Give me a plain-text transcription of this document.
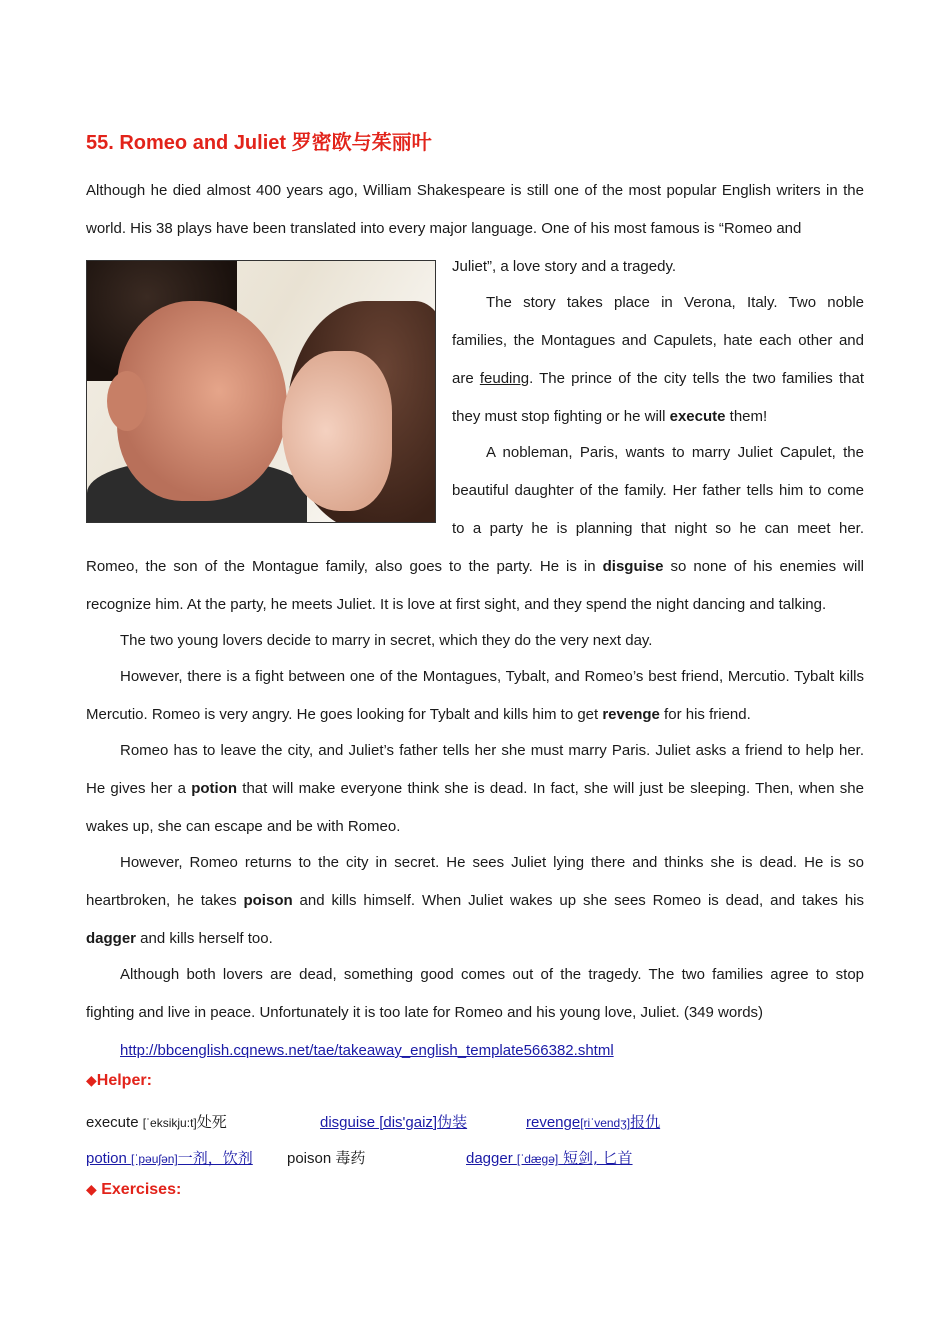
55. Romeo and Juliet 罗密欧与茱丽叶

Although he died almost 400 years ago, William Shakespeare is still one of the most popular English writers in the world. His 38 plays have been translated into every major language. One of his most famous is “Romeo and

Juliet”, a love story and a tragedy.

The story takes place in Verona, Italy. Two noble families, the Montagues and Capulets, hate each other and are feuding. The prince of the city tells the two families that they must stop fighting or he will execute them!

A nobleman, Paris, wants to marry Juliet Capulet, the beautiful daughter of the family. Her father tells him to come to a party he is planning that night so he can meet her. Romeo, the son of the Montague family, also goes to the party. He is in disguise so none of his enemies will recognize him. At the party, he meets Juliet. It is love at first sight, and they spend the night dancing and talking.

The two young lovers decide to marry in secret, which they do the very next day.

However, there is a fight between one of the Montagues, Tybalt, and Romeo’s best friend, Mercutio. Tybalt kills Mercutio. Romeo is very angry. He goes looking for Tybalt and kills him to get revenge for his friend.

Romeo has to leave the city, and Juliet’s father tells her she must marry Paris. Juliet asks a friend to help her. He gives her a potion that will make everyone think she is dead. In fact, she will just be sleeping. Then, when she wakes up, she can escape and be with Romeo.

However, Romeo returns to the city in secret. He sees Juliet lying there and thinks she is dead. He is so heartbroken, he takes poison and kills himself. When Juliet wakes up she sees Romeo is dead, and takes his dagger and kills herself too.

Although both lovers are dead, something good comes out of the tragedy. The two families agree to stop fighting and live in peace. Unfortunately it is too late for Romeo and his young love, Juliet. (349 words)

http://bbcenglish.cqnews.net/tae/takeaway_english_template566382.shtml

◆Helper:
execute [ˈeksikju:t]处死	disguise [dis'gaiz]伪装	revenge[riˈvendʒ]报仇
potion [ˈpəuʃən]一剂，饮剂 poison 毒药	dagger [ˈdægə] 短剑, 匕首
◆ Exercises:
